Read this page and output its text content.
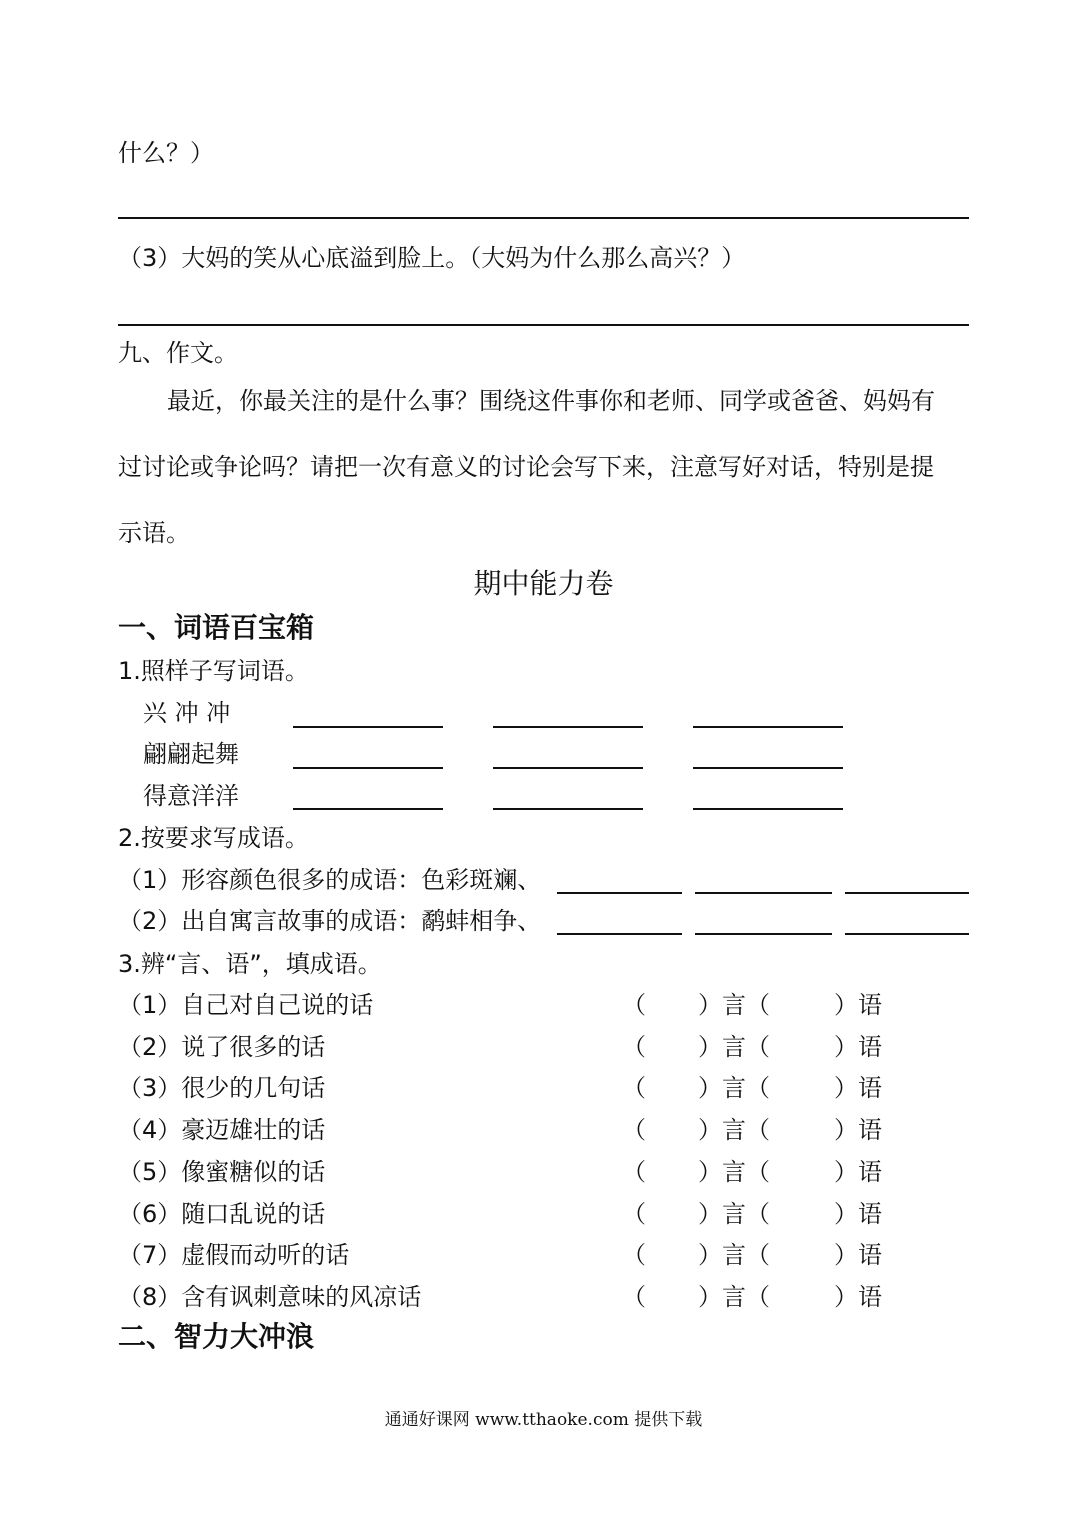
什么？）
（3）大妈的笑从心底溢到脸上。（大妈为什么那么高兴？）
九、作文。
最近，你最关注的是什么事？围绕这件事你和老师、同学或爸爸、妈妈有
过讨论或争论吗？请把一次有意义的讨论会写下来，注意写好对话，特别是提
示语。
期中能力卷
一、词语百宝箱
1.照样子写词语。
兴 冲 冲
翩翩起舞
得意洋洋
2.按要求写成语。
（1）形容颜色很多的成语：色彩斑斓、
（2）出自寓言故事的成语：鹬蚌相争、
3.辨“言、语”，填成语。
（1）自己对自己说的话	（ ）言（	）语
（2）说了很多的话	（ ）言（	）语
（3）很少的几句话	（ ）言（	）语
（4）豪迈雄壮的话	（ ）言（	）语
（5）像蜜糖似的话	（ ）言（	）语
（6）随口乱说的话	（ ）言（	）语
（7）虚假而动听的话	（ ）言（	）语
（8）含有讽刺意味的风凉话	（ ）言（	）语
二、智力大冲浪
通通好课网 www.tthaoke.com 提供下载
